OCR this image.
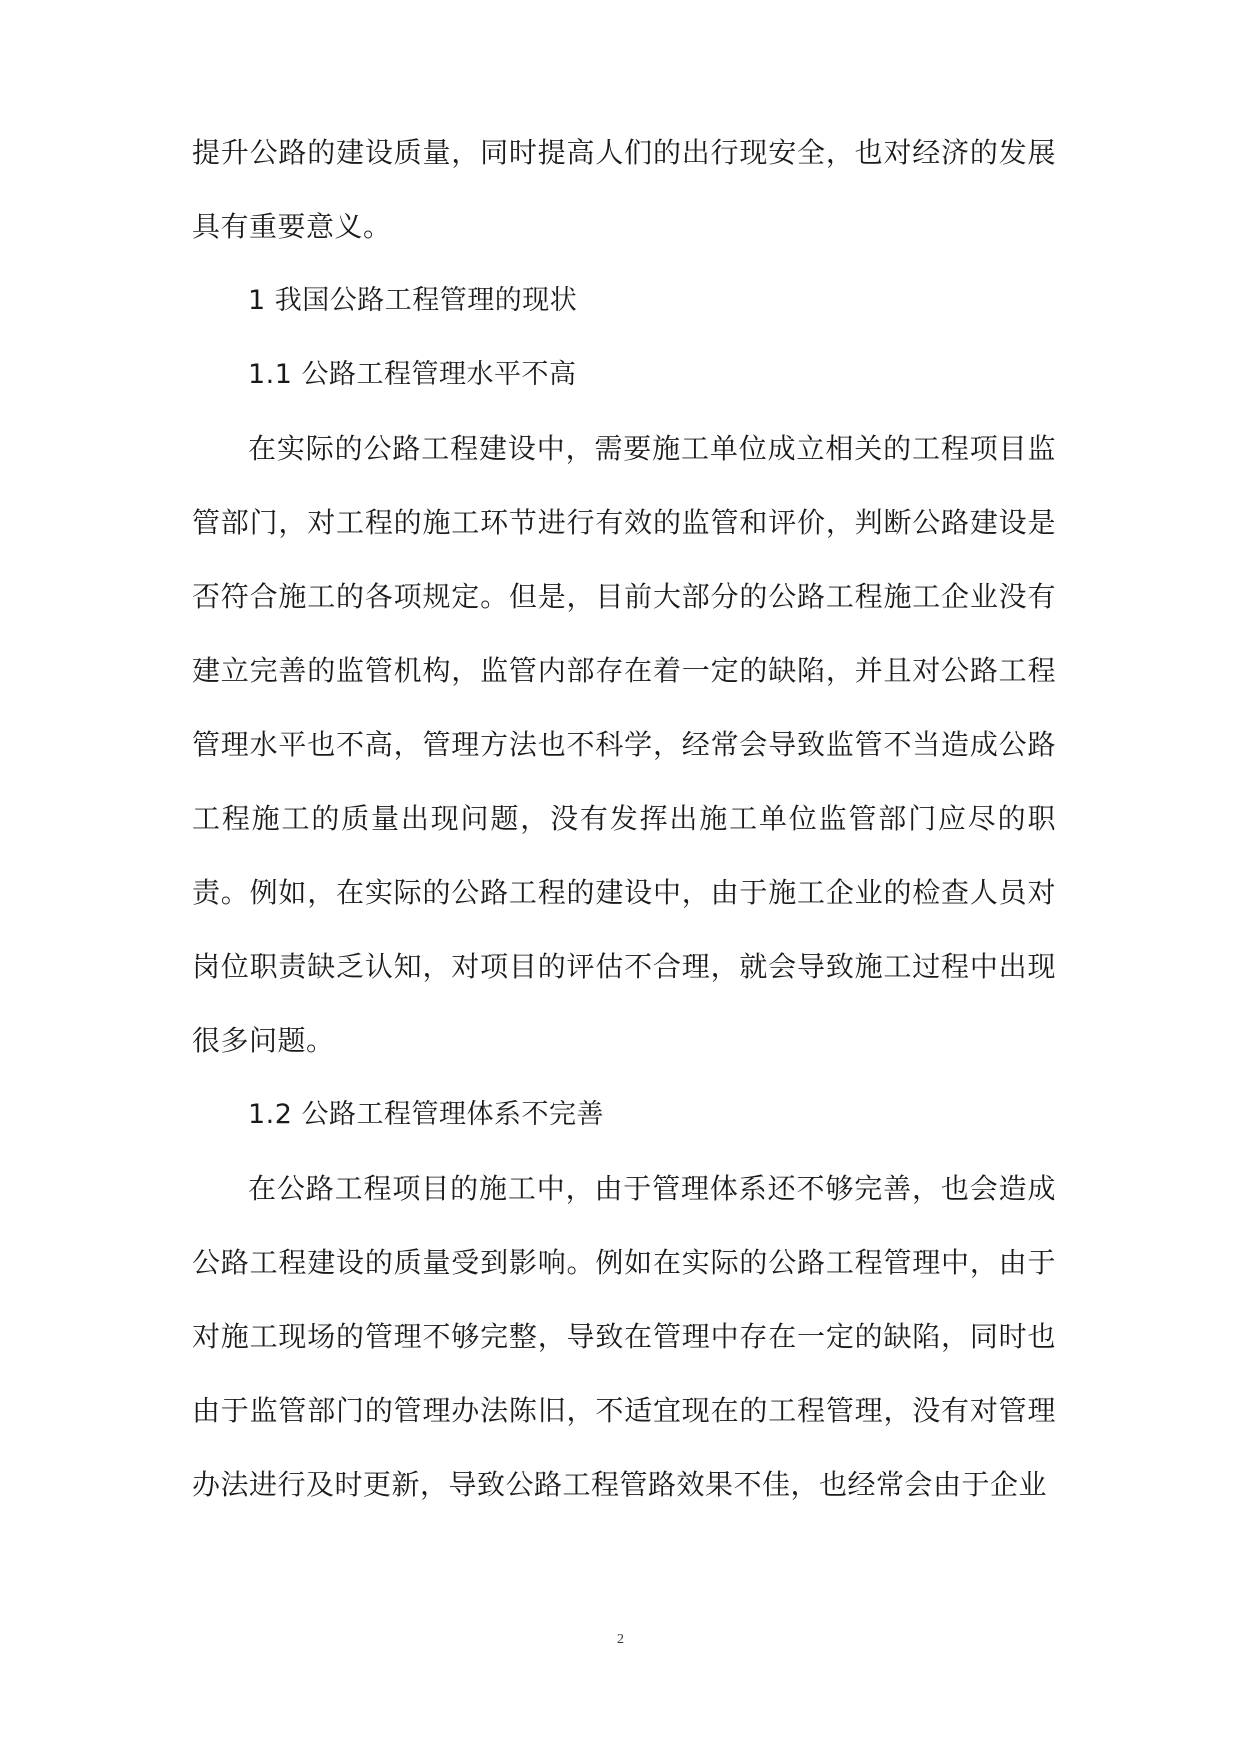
提升公路的建设质量，同时提高人们的出行现安全，也对经济的发展具有重要意义。

1 我国公路工程管理的现状

1.1 公路工程管理水平不高

在实际的公路工程建设中，需要施工单位成立相关的工程项目监管部门，对工程的施工环节进行有效的监管和评价，判断公路建设是否符合施工的各项规定。但是，目前大部分的公路工程施工企业没有建立完善的监管机构，监管内部存在着一定的缺陷，并且对公路工程管理水平也不高，管理方法也不科学，经常会导致监管不当造成公路工程施工的质量出现问题，没有发挥出施工单位监管部门应尽的职责。例如，在实际的公路工程的建设中，由于施工企业的检查人员对岗位职责缺乏认知，对项目的评估不合理，就会导致施工过程中出现很多问题。

1.2 公路工程管理体系不完善

在公路工程项目的施工中，由于管理体系还不够完善，也会造成公路工程建设的质量受到影响。例如在实际的公路工程管理中，由于对施工现场的管理不够完整，导致在管理中存在一定的缺陷，同时也由于监管部门的管理办法陈旧，不适宜现在的工程管理，没有对管理办法进行及时更新，导致公路工程管路效果不佳，也经常会由于企业

2
